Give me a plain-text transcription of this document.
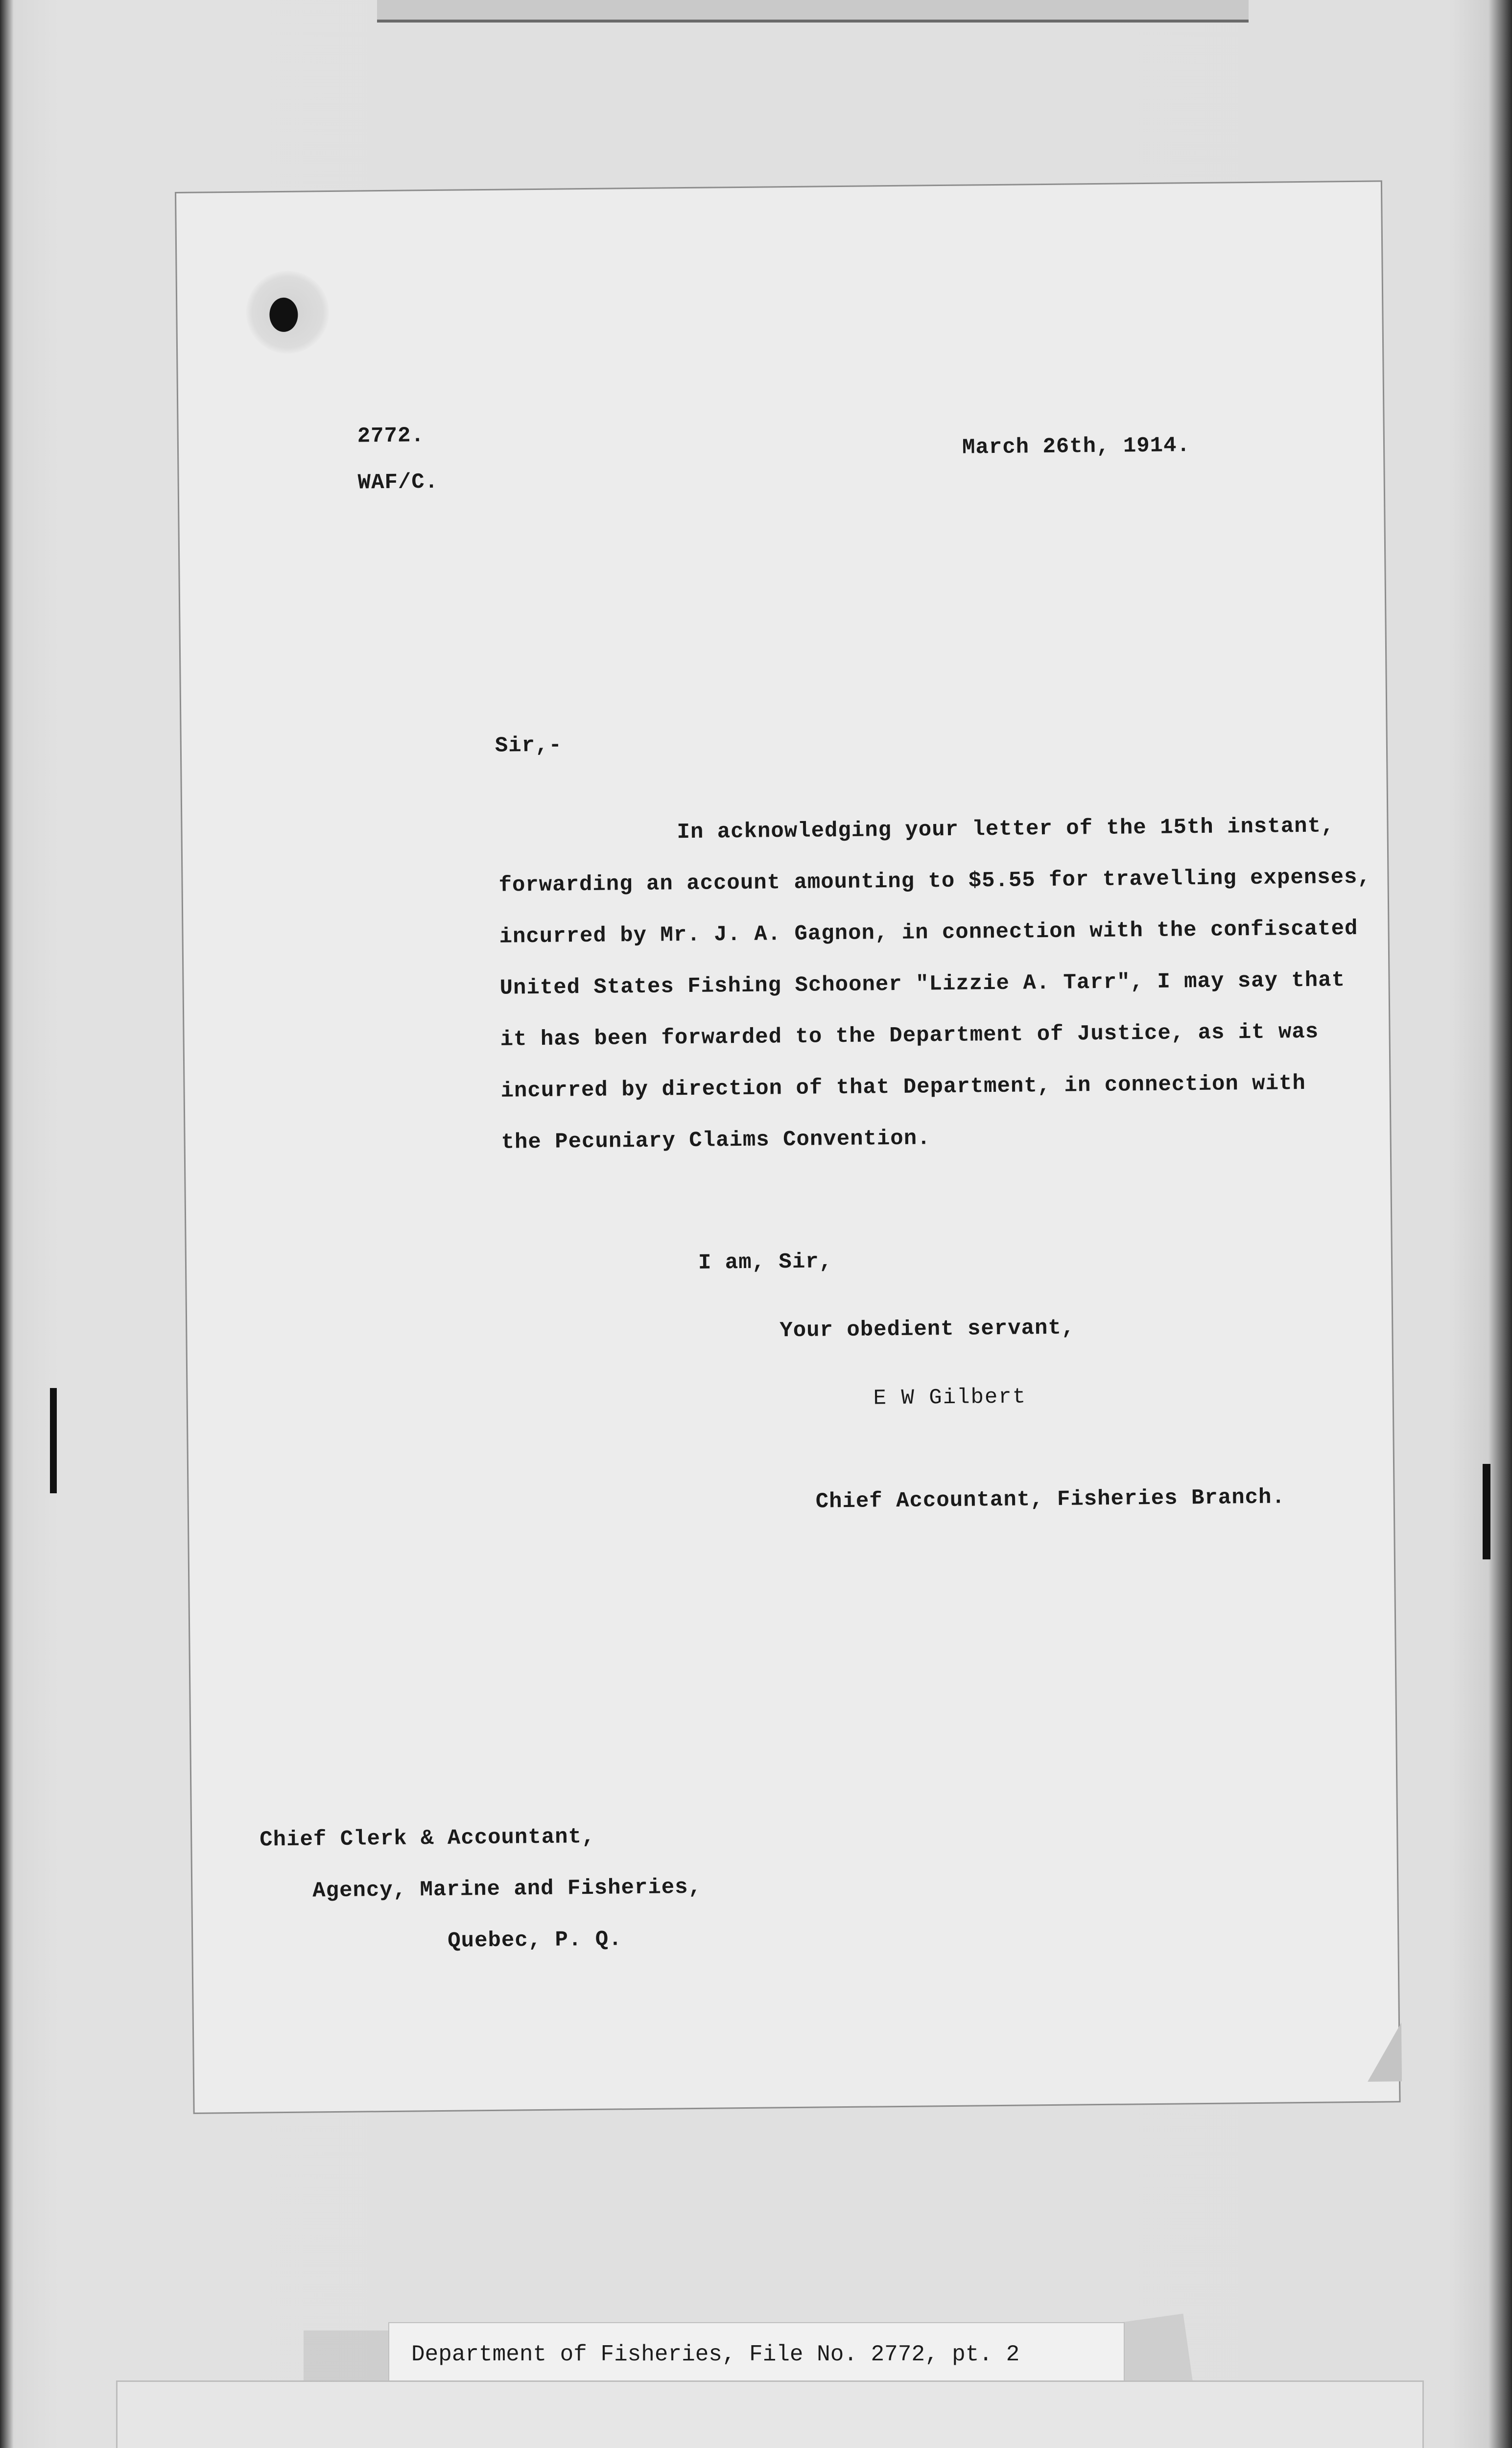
2772.
WAF/C.
March 26th, 1914.
Sir,-
In acknowledging your letter of the 15th instant,
forwarding an account amounting to $5.55 for travelling expenses,
incurred by Mr. J. A. Gagnon, in connection with the confiscated
United States Fishing Schooner "Lizzie A. Tarr", I may say that
it has been forwarded to the Department of Justice, as it was
incurred by direction of that Department, in connection with
the Pecuniary Claims Convention.
I am, Sir,
Your obedient servant,
E W Gilbert
Chief Accountant, Fisheries Branch.
Chief Clerk & Accountant,
Agency, Marine and Fisheries,
Quebec, P. Q.
Department of Fisheries, File No. 2772, pt. 2
